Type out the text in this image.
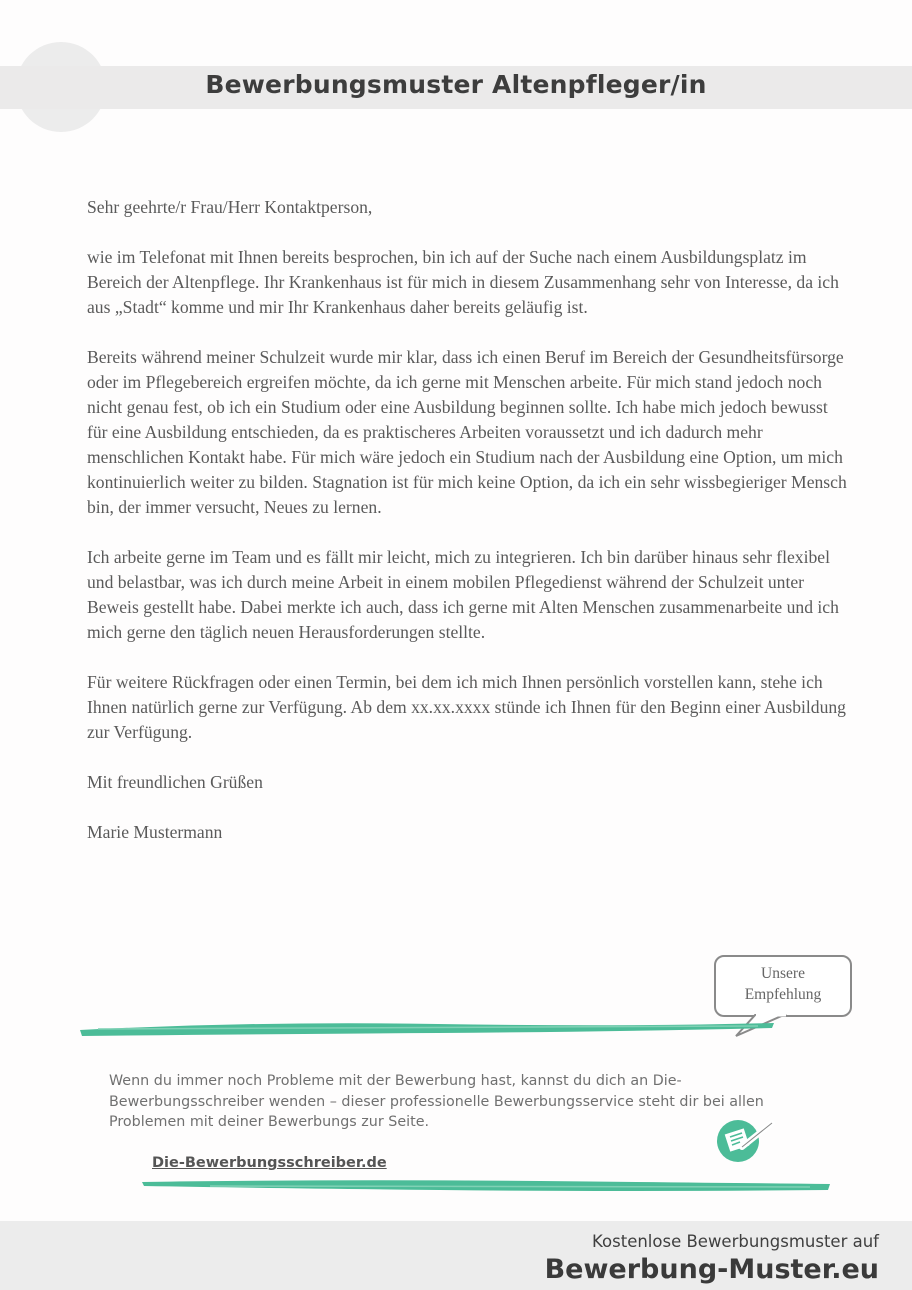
Bewerbungsmuster Altenpfleger/in

Sehr geehrte/r Frau/Herr Kontaktperson,

wie im Telefonat mit Ihnen bereits besprochen, bin ich auf der Suche nach einem Ausbildungsplatz im Bereich der Altenpflege. Ihr Krankenhaus ist für mich in diesem Zusammenhang sehr von Interesse, da ich aus „Stadt“ komme und mir Ihr Krankenhaus daher bereits geläufig ist.

Bereits während meiner Schulzeit wurde mir klar, dass ich einen Beruf im Bereich der Gesundheitsfürsorge oder im Pflegebereich ergreifen möchte, da ich gerne mit Menschen arbeite. Für mich stand jedoch noch nicht genau fest, ob ich ein Studium oder eine Ausbildung beginnen sollte. Ich habe mich jedoch bewusst für eine Ausbildung entschieden, da es praktischeres Arbeiten voraussetzt und ich dadurch mehr menschlichen Kontakt habe. Für mich wäre jedoch ein Studium nach der Ausbildung eine Option, um mich kontinuierlich weiter zu bilden. Stagnation ist für mich keine Option, da ich ein sehr wissbegieriger Mensch bin, der immer versucht, Neues zu lernen.

Ich arbeite gerne im Team und es fällt mir leicht, mich zu integrieren. Ich bin darüber hinaus sehr flexibel und belastbar, was ich durch meine Arbeit in einem mobilen Pflegedienst während der Schulzeit unter Beweis gestellt habe. Dabei merkte ich auch, dass ich gerne mit Alten Menschen zusammenarbeite und ich mich gerne den täglich neuen Herausforderungen stellte.

Für weitere Rückfragen oder einen Termin, bei dem ich mich Ihnen persönlich vorstellen kann, stehe ich Ihnen natürlich gerne zur Verfügung. Ab dem xx.xx.xxxx stünde ich Ihnen für den Beginn einer Ausbildung zur Verfügung.

Mit freundlichen Grüßen

Marie Mustermann

Unsere
Empfehlung
Wenn du immer noch Probleme mit der Bewerbung hast, kannst du dich an Die-Bewerbungsschreiber wenden – dieser professionelle Bewerbungsservice steht dir bei allen Problemen mit deiner Bewerbungs zur Seite.
Die-Bewerbungsschreiber.de
Kostenlose Bewerbungsmuster auf
Bewerbung-Muster.eu
